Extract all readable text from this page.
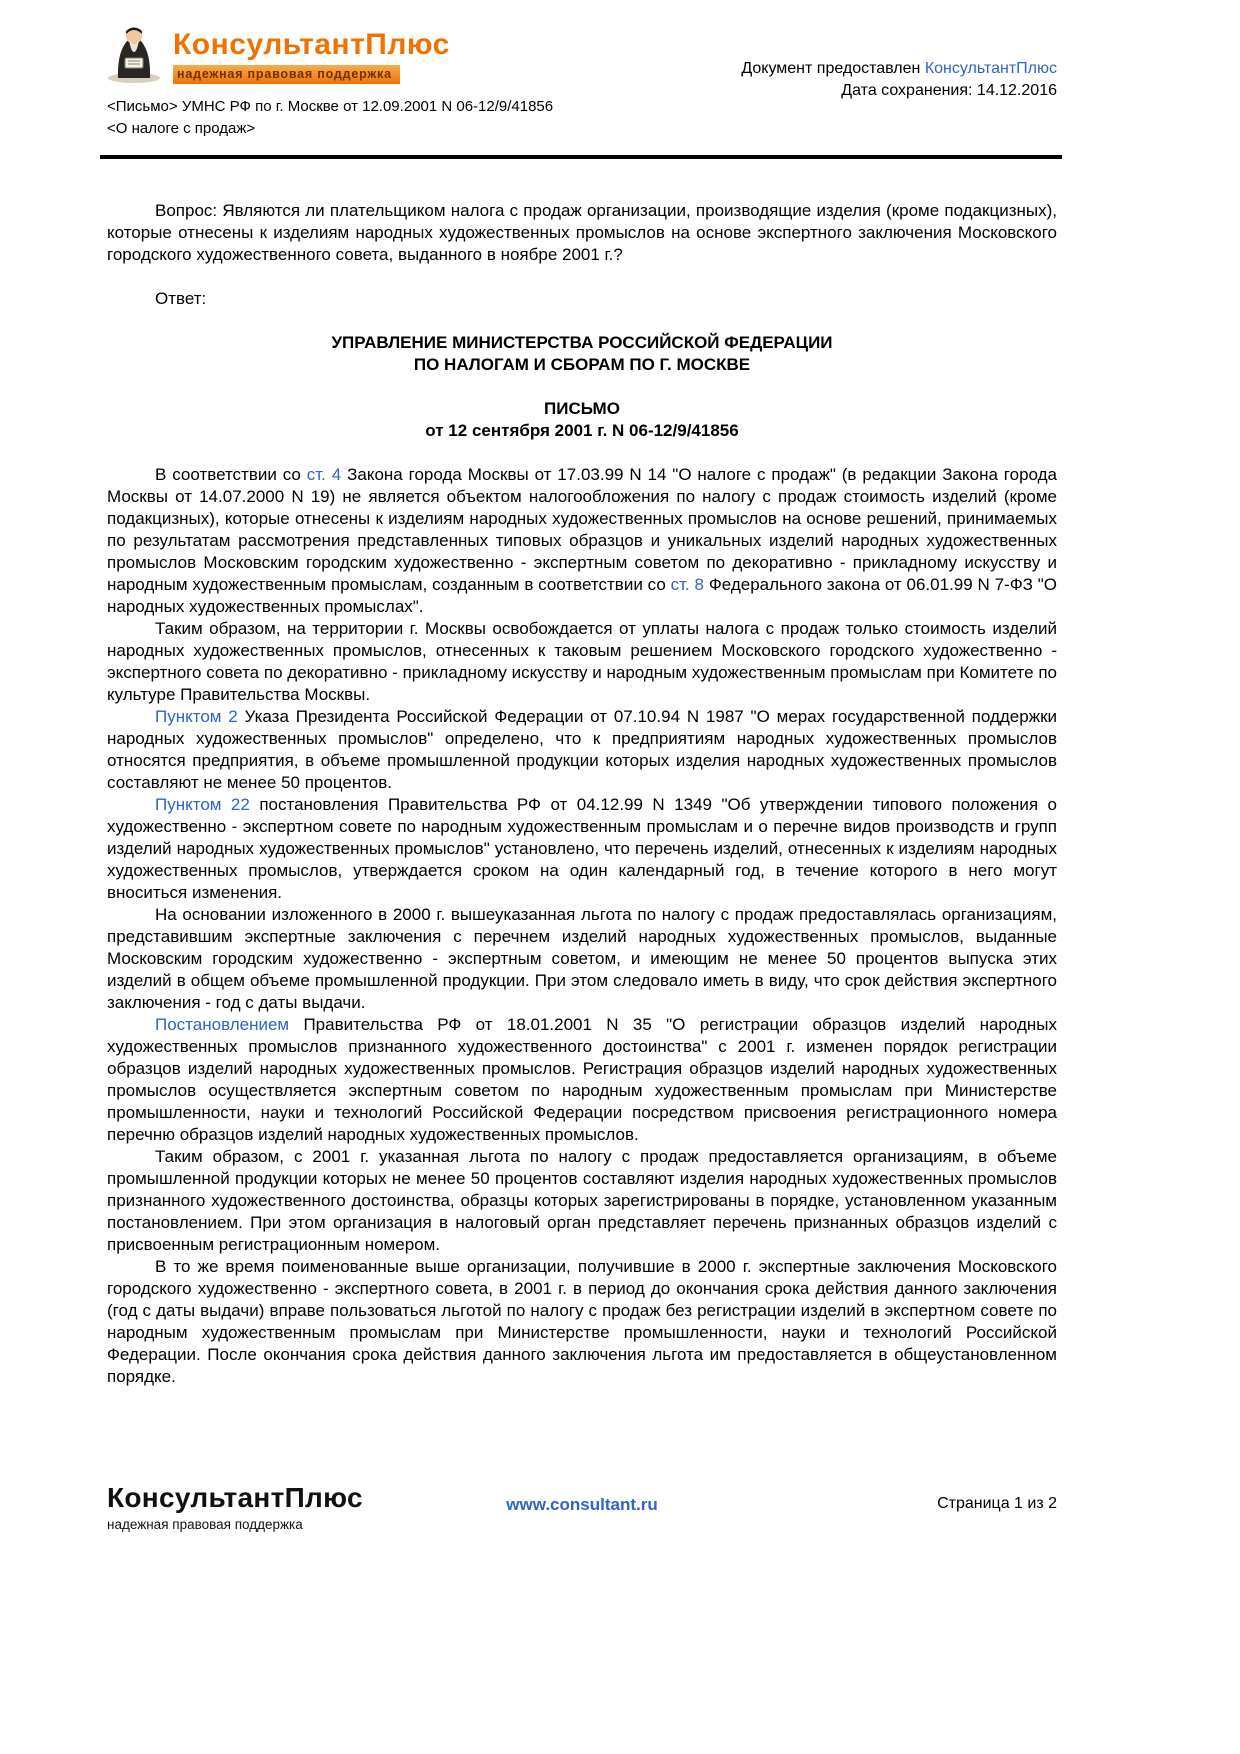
КонсультантПлюс
надежная правовая поддержка	Документ предоставлен КонсультантПлюс
Дата сохранения: 14.12.2016
<Письмо> УМНС РФ по г. Москве от 12.09.2001 N 06-12/9/41856
<О налоге с продаж>

Вопрос: Являются ли плательщиком налога с продаж организации, производящие изделия (кроме подакцизных), которые отнесены к изделиям народных художественных промыслов на основе экспертного заключения Московского городского художественного совета, выданного в ноябре 2001 г.?

Ответ:

УПРАВЛЕНИЕ МИНИСТЕРСТВА РОССИЙСКОЙ ФЕДЕРАЦИИ
ПО НАЛОГАМ И СБОРАМ ПО Г. МОСКВЕ
ПИСЬМО
от 12 сентября 2001 г. N 06-12/9/41856

В соответствии со ст. 4 Закона города Москвы от 17.03.99 N 14 "О налоге с продаж" (в редакции Закона города Москвы от 14.07.2000 N 19) не является объектом налогообложения по налогу с продаж стоимость изделий (кроме подакцизных), которые отнесены к изделиям народных художественных промыслов на основе решений, принимаемых по результатам рассмотрения представленных типовых образцов и уникальных изделий народных художественных промыслов Московским городским художественно - экспертным советом по декоративно - прикладному искусству и народным художественным промыслам, созданным в соответствии со ст. 8 Федерального закона от 06.01.99 N 7-ФЗ "О народных художественных промыслах".

Таким образом, на территории г. Москвы освобождается от уплаты налога с продаж только стоимость изделий народных художественных промыслов, отнесенных к таковым решением Московского городского художественно - экспертного совета по декоративно - прикладному искусству и народным художественным промыслам при Комитете по культуре Правительства Москвы.

Пунктом 2 Указа Президента Российской Федерации от 07.10.94 N 1987 "О мерах государственной поддержки народных художественных промыслов" определено, что к предприятиям народных художественных промыслов относятся предприятия, в объеме промышленной продукции которых изделия народных художественных промыслов составляют не менее 50 процентов.

Пунктом 22 постановления Правительства РФ от 04.12.99 N 1349 "Об утверждении типового положения о художественно - экспертном совете по народным художественным промыслам и о перечне видов производств и групп изделий народных художественных промыслов" установлено, что перечень изделий, отнесенных к изделиям народных художественных промыслов, утверждается сроком на один календарный год, в течение которого в него могут вноситься изменения.

На основании изложенного в 2000 г. вышеуказанная льгота по налогу с продаж предоставлялась организациям, представившим экспертные заключения с перечнем изделий народных художественных промыслов, выданные Московским городским художественно - экспертным советом, и имеющим не менее 50 процентов выпуска этих изделий в общем объеме промышленной продукции. При этом следовало иметь в виду, что срок действия экспертного заключения - год с даты выдачи.

Постановлением Правительства РФ от 18.01.2001 N 35 "О регистрации образцов изделий народных художественных промыслов признанного художественного достоинства" с 2001 г. изменен порядок регистрации образцов изделий народных художественных промыслов. Регистрация образцов изделий народных художественных промыслов осуществляется экспертным советом по народным художественным промыслам при Министерстве промышленности, науки и технологий Российской Федерации посредством присвоения регистрационного номера перечню образцов изделий народных художественных промыслов.

Таким образом, с 2001 г. указанная льгота по налогу с продаж предоставляется организациям, в объеме промышленной продукции которых не менее 50 процентов составляют изделия народных художественных промыслов признанного художественного достоинства, образцы которых зарегистрированы в порядке, установленном указанным постановлением. При этом организация в налоговый орган представляет перечень признанных образцов изделий с присвоенным регистрационным номером.

В то же время поименованные выше организации, получившие в 2000 г. экспертные заключения Московского городского художественно - экспертного совета, в 2001 г. в период до окончания срока действия данного заключения (год с даты выдачи) вправе пользоваться льготой по налогу с продаж без регистрации изделий в экспертном совете по народным художественным промыслам при Министерстве промышленности, науки и технологий Российской Федерации. После окончания срока действия данного заключения льгота им предоставляется в общеустановленном порядке.

КонсультантПлюс
надежная правовая поддержка
www.consultant.ru	Страница 1 из 2
